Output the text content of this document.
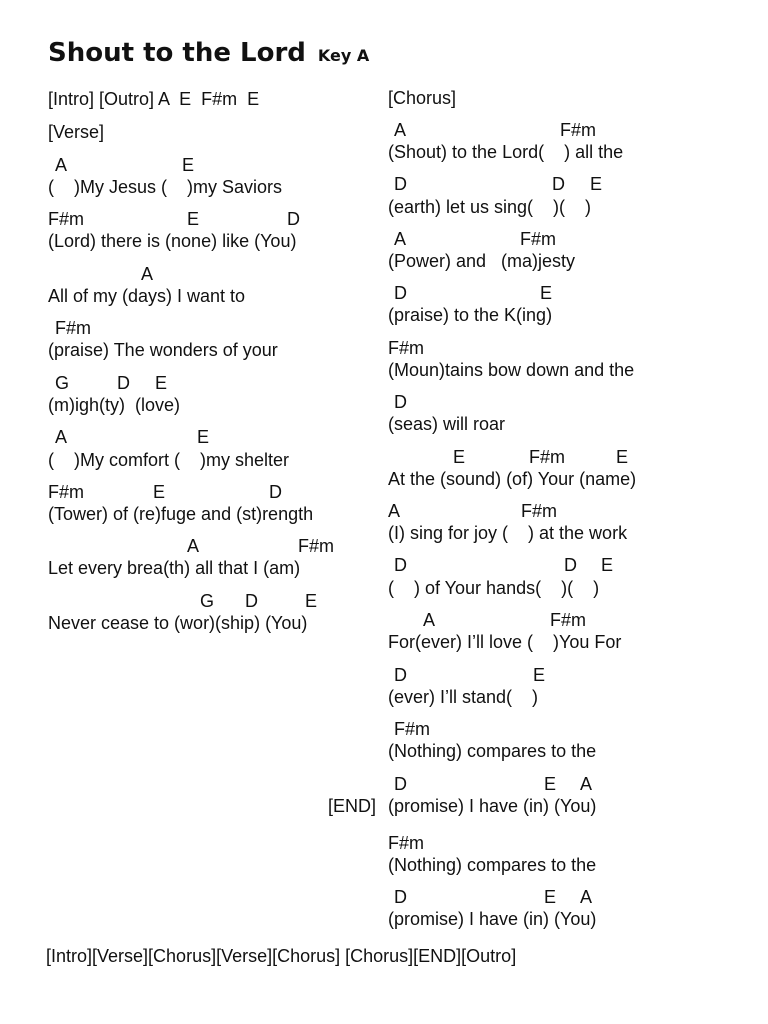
Shout to the Lord Key A
[Intro] [Outro] A  E  F#m  E
[Verse]
A	E
(    )My Jesus (    )my Saviors
F#m	E	D
(Lord) there is (none) like (You)
A
All of my (days) I want to
F#m
(praise) The wonders of your
G	D E
(m)igh(ty)  (love)
A	E
(    )My comfort (    )my shelter
F#m	E	D
(Tower) of (re)fuge and (st)rength
A	F#m
Let every brea(th) all that I (am)
G D	E
Never cease to (wor)(ship) (You)
[Chorus]
A	F#m
(Shout) to the Lord(    ) all the
D	D E
(earth) let us sing(    )(    )
A	F#m
(Power) and   (ma)jesty
D	E
(praise) to the K(ing)
F#m
(Moun)tains bow down and the
D
(seas) will roar
E	F#m	E
At the (sound) (of) Your (name)
A	F#m
(I) sing for joy (    ) at the work
D	D E
(    ) of Your hands(    )(    )
A	F#m
For(ever) I’ll love (    )You For
D	E
(ever) I’ll stand(    )
F#m
(Nothing) compares to the
D	E A
[END] (promise) I have (in) (You)
F#m
(Nothing) compares to the
D	E A
(promise) I have (in) (You)
[Intro][Verse][Chorus][Verse][Chorus] [Chorus][END][Outro]
